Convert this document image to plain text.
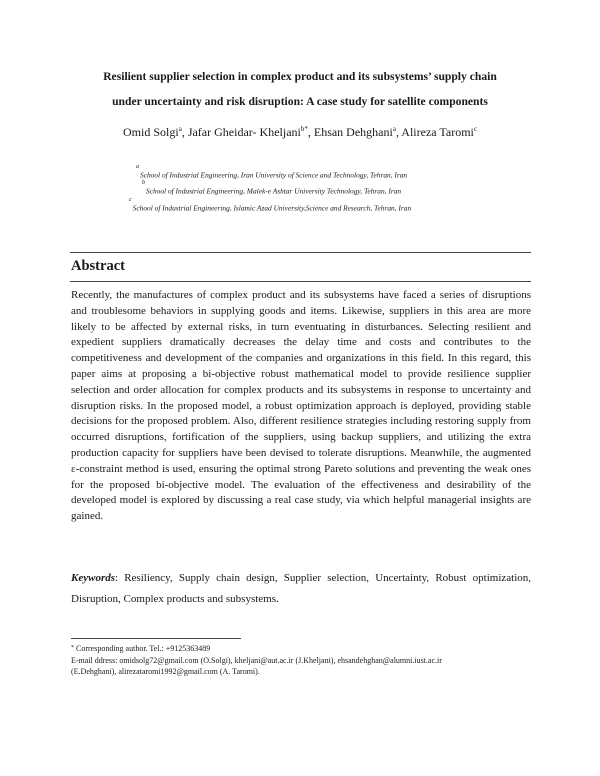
Resilient supplier selection in complex product and its subsystems’ supply chain
under uncertainty and risk disruption: A case study for satellite components
Omid Solgi$^a$, Jafar Gheidar- Kheljani$^{b*}$, Ehsan Dehghani$^a$, Alireza Taromi$^c$
$^a$School of Industrial Engineering, Iran University of Science and Technology, Tehran, Iran
$^b$School of Industrial Engineering, Malek-e Ashtar University Technology, Tehran, Iran
$^c$School of Industrial Engineering, Islamic Azad University,Science and Research, Tehran, Iran
Abstract

Recently, the manufactures of complex product and its subsystems have faced a series of disruptions and troublesome behaviors in supplying goods and items. Likewise, suppliers in this area are more likely to be affected by external risks, in turn eventuating in disturbances. Selecting resilient and expedient suppliers dramatically decreases the delay time and costs and contributes to the competitiveness and development of the companies and organizations in this field. In this regard, this paper aims at proposing a bi-objective robust mathematical model to provide resilience supplier selection and order allocation for complex products and its subsystems in response to uncertainty and disruption risks. In the proposed model, a robust optimization approach is deployed, providing stable decisions for the proposed problem. Also, different resilience strategies including restoring supply from occurred disruptions, fortification of the suppliers, using backup suppliers, and utilizing the extra production capacity for suppliers have been devised to tolerate disruptions. Meanwhile, the augmented ε-constraint method is used, ensuring the optimal strong Pareto solutions and preventing the weak ones for the proposed bi-objective model. The evaluation of the effectiveness and desirability of the developed model is explored by discussing a real case study, via which helpful managerial insights are gained.

Keywords: Resiliency, Supply chain design, Supplier selection, Uncertainty, Robust optimization, Disruption, Complex products and subsystems.

* Corresponding author. Tel.: +9125363489
E-mail ddress: omidsolg72@gmail.com (O.Solgi), kheljani@aut.ac.ir (J.Kheljani), ehsandehghan@alumni.iust.ac.ir
(E.Dehghani), alirezataromi1992@gmail.com (A. Taromi).
